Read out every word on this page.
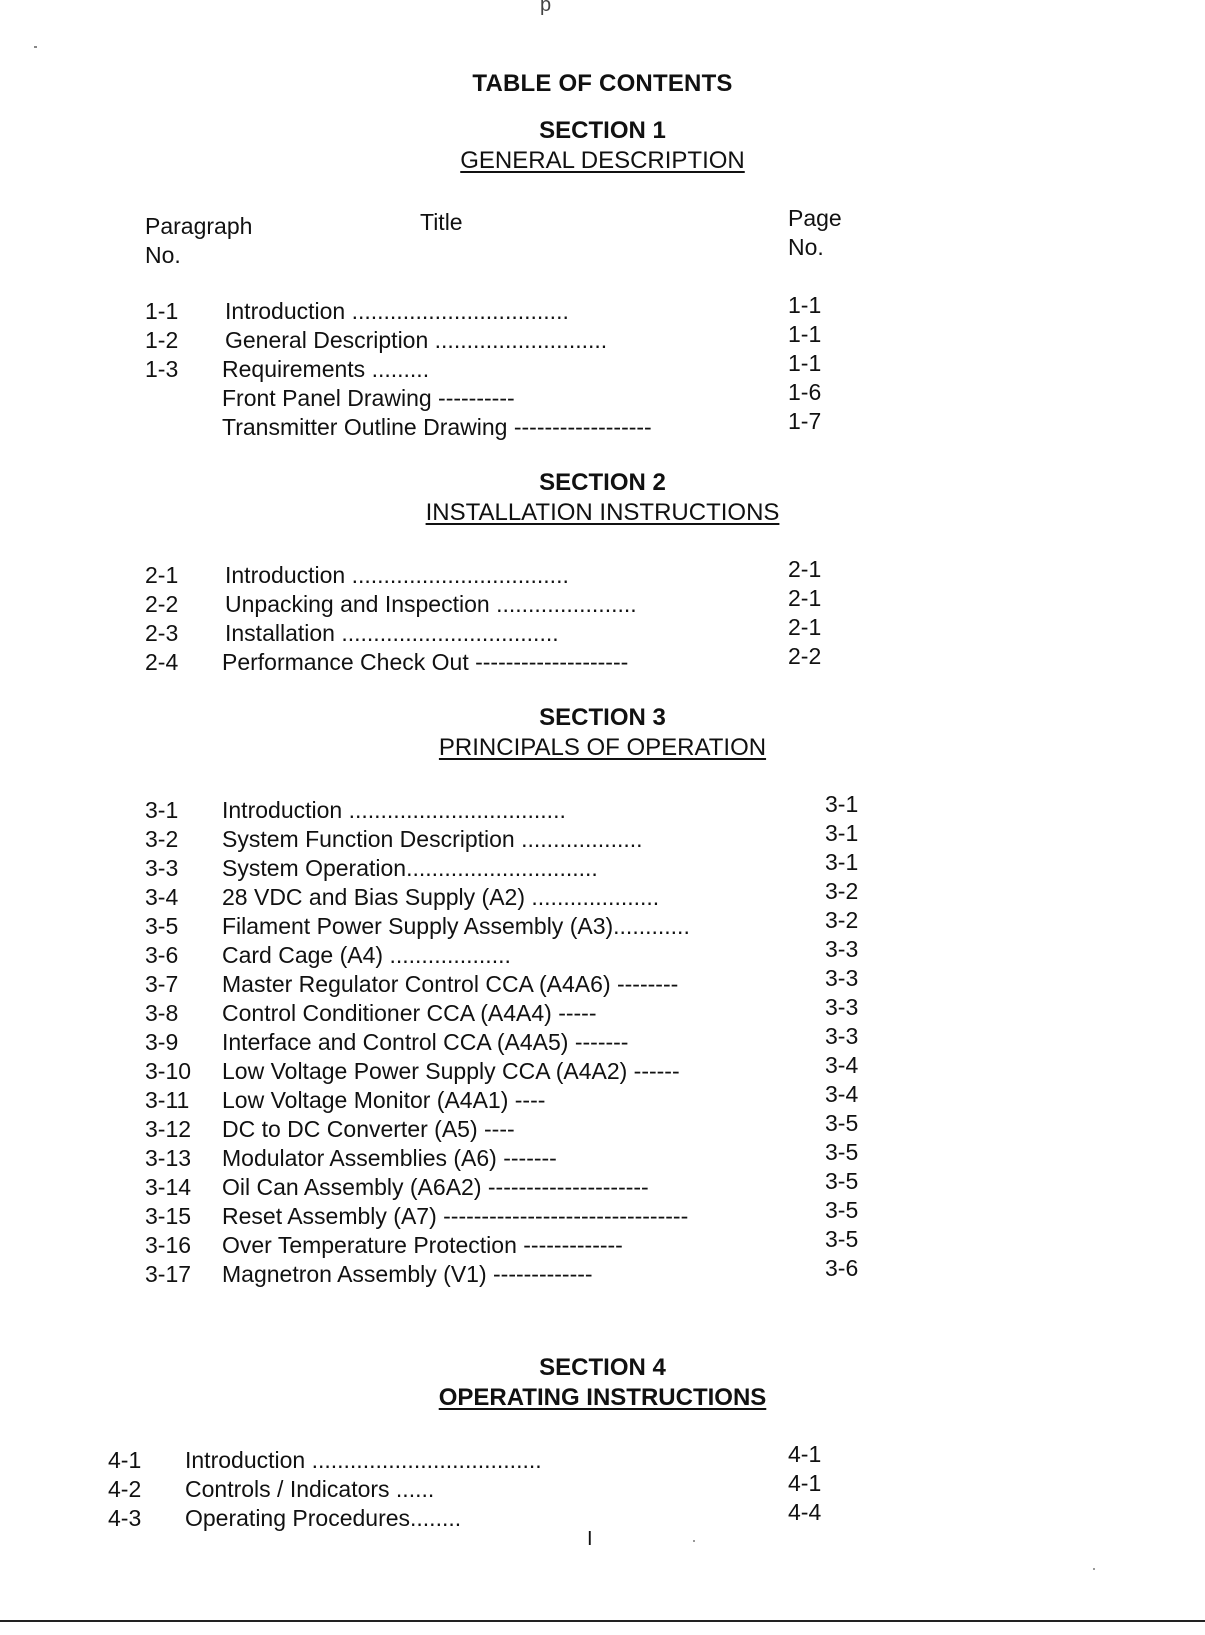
p
TABLE OF CONTENTS
SECTION 1
GENERAL DESCRIPTION
Paragraph
No.
Title	Page
No.
1-1 Introduction ..................................	1-1
1-2 General Description ...........................	1-1
1-3 Requirements .........	1-1
Front Panel Drawing ----------	1-6
Transmitter Outline Drawing ------------------	1-7
SECTION 2
INSTALLATION INSTRUCTIONS
2-1 Introduction ..................................	2-1
2-2 Unpacking and Inspection ......................	2-1
2-3 Installation ..................................	2-1
2-4 Performance Check Out --------------------	2-2
SECTION 3
PRINCIPALS OF OPERATION
3-1 Introduction ..................................	3-1
3-2 System Function Description ...................	3-1
3-3 System Operation..............................	3-1
3-4 28 VDC and Bias Supply (A2) ....................	3-2
3-5 Filament Power Supply Assembly (A3)............	3-2
3-6 Card Cage (A4) ...................	3-3
3-7 Master Regulator Control CCA (A4A6) --------	3-3
3-8 Control Conditioner CCA (A4A4) -----	3-3
3-9 Interface and Control CCA (A4A5) -------	3-3
3-10 Low Voltage Power Supply CCA (A4A2) ------	3-4
3-11 Low Voltage Monitor (A4A1) ----	3-4
3-12 DC to DC Converter (A5) ----	3-5
3-13 Modulator Assemblies (A6) -------	3-5
3-14 Oil Can Assembly (A6A2) ---------------------	3-5
3-15 Reset Assembly (A7) --------------------------------	3-5
3-16 Over Temperature Protection -------------	3-5
3-17 Magnetron Assembly (V1) -------------	3-6
SECTION 4
OPERATING INSTRUCTIONS
4-1 Introduction ....................................	4-1
4-2 Controls / Indicators ......	4-1
4-3 Operating Procedures........	4-4
I
